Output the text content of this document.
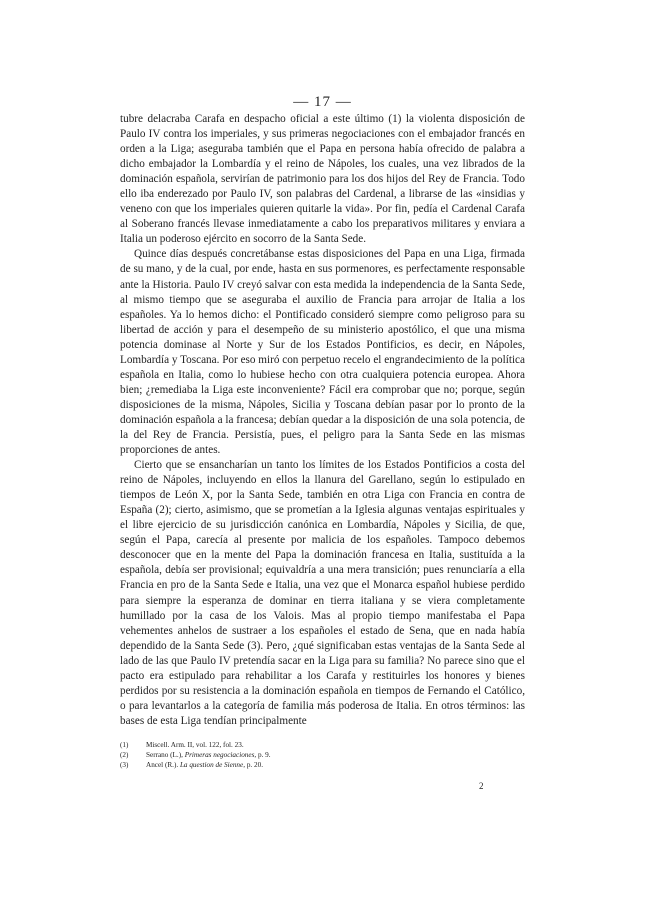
— 17 —

tubre delacraba Carafa en despacho oficial a este último (1) la violenta disposición de Paulo IV contra los imperiales, y sus primeras negociaciones con el embajador francés en orden a la Liga; aseguraba también que el Papa en persona había ofrecido de palabra a dicho embajador la Lombardía y el reino de Nápoles, los cuales, una vez librados de la dominación española, servirían de patrimonio para los dos hijos del Rey de Francia. Todo ello iba enderezado por Paulo IV, son palabras del Cardenal, a librarse de las «insidias y veneno con que los imperiales quieren quitarle la vida». Por fin, pedía el Cardenal Carafa al Soberano francés llevase inmediatamente a cabo los preparativos militares y enviara a Italia un poderoso ejército en socorro de la Santa Sede.

Quince días después concretábanse estas disposiciones del Papa en una Liga, firmada de su mano, y de la cual, por ende, hasta en sus pormenores, es perfectamente responsable ante la Historia. Paulo IV creyó salvar con esta medida la independencia de la Santa Sede, al mismo tiempo que se aseguraba el auxilio de Francia para arrojar de Italia a los españoles. Ya lo hemos dicho: el Pontificado consideró siempre como peligroso para su libertad de acción y para el desempeño de su ministerio apostólico, el que una misma potencia dominase al Norte y Sur de los Estados Pontificios, es decir, en Nápoles, Lombardía y Toscana. Por eso miró con perpetuo recelo el engrandecimiento de la política española en Italia, como lo hubiese hecho con otra cualquiera potencia europea. Ahora bien; ¿remediaba la Liga este inconveniente? Fácil era comprobar que no; porque, según disposiciones de la misma, Nápoles, Sicilia y Toscana debían pasar por lo pronto de la dominación española a la francesa; debían quedar a la disposición de una sola potencia, de la del Rey de Francia. Persistía, pues, el peligro para la Santa Sede en las mismas proporciones de antes.

Cierto que se ensancharían un tanto los límites de los Estados Pontificios a costa del reino de Nápoles, incluyendo en ellos la llanura del Garellano, según lo estipulado en tiempos de León X, por la Santa Sede, también en otra Liga con Francia en contra de España (2); cierto, asimismo, que se prometían a la Iglesia algunas ventajas espirituales y el libre ejercicio de su jurisdicción canónica en Lombardía, Nápoles y Sicilia, de que, según el Papa, carecía al presente por malicia de los españoles. Tampoco debemos desconocer que en la mente del Papa la dominación francesa en Italia, sustituída a la española, debía ser provisional; equivaldría a una mera transición; pues renunciaría a ella Francia en pro de la Santa Sede e Italia, una vez que el Monarca español hubiese perdido para siempre la esperanza de dominar en tierra italiana y se viera completamente humillado por la casa de los Valois. Mas al propio tiempo manifestaba el Papa vehementes anhelos de sustraer a los españoles el estado de Sena, que en nada había dependido de la Santa Sede (3). Pero, ¿qué significaban estas ventajas de la Santa Sede al lado de las que Paulo IV pretendía sacar en la Liga para su familia? No parece sino que el pacto era estipulado para rehabilitar a los Carafa y restituirles los honores y bienes perdidos por su resistencia a la dominación española en tiempos de Fernando el Católico, o para levantarlos a la categoría de familia más poderosa de Italia. En otros términos: las bases de esta Liga tendían principalmente

(1)	Miscell. Arm. II, vol. 122, fol. 23.
(2)	Serrano (L.), Primeras negociaciones, p. 9.
(3)	Ancel (R.). La question de Sienne, p. 20.
2
